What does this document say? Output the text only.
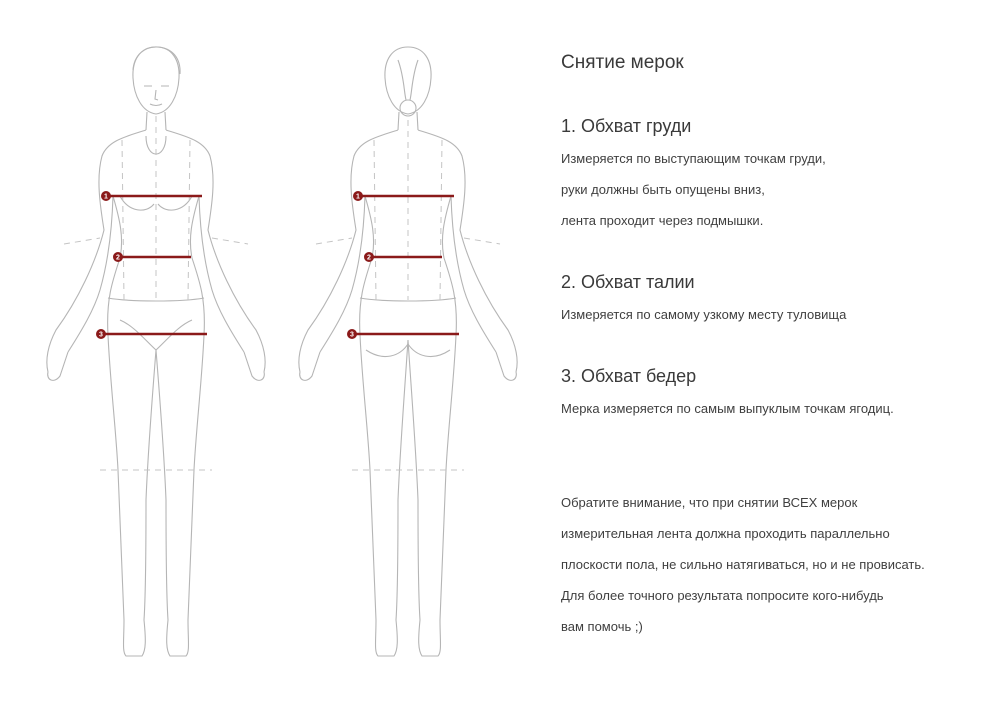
1
2
3
1
2
3
Снятие мерок
1. Обхват груди
Измеряется по выступающим точкам груди,
руки должны быть опущены вниз,
лента проходит через подмышки.
2. Обхват талии
Измеряется по самому узкому месту туловища
3. Обхват бедер
Мерка измеряется по самым выпуклым точкам ягодиц.
Обратите внимание, что при снятии ВСЕХ мерок
измерительная лента должна проходить параллельно
плоскости пола, не сильно натягиваться, но и не провисать.
Для более точного результата попросите кого-нибудь
вам помочь ;)
